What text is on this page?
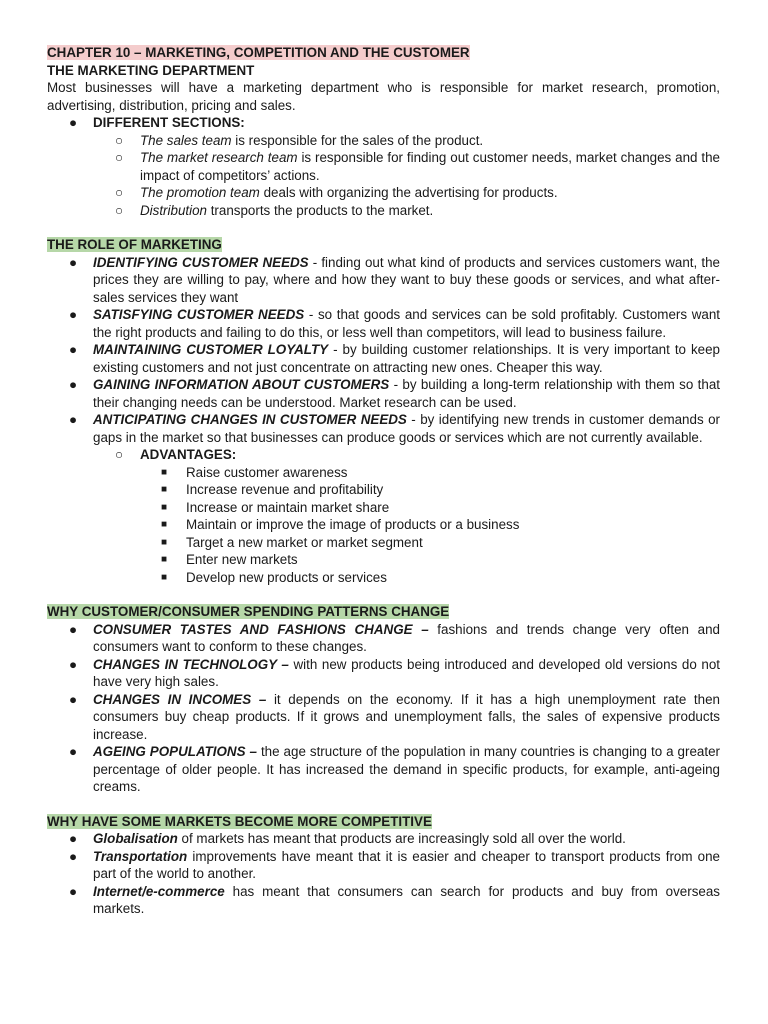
CHAPTER 10 – MARKETING, COMPETITION AND THE CUSTOMER
THE MARKETING DEPARTMENT

Most businesses will have a marketing department who is responsible for market research, promotion, advertising, distribution, pricing and sales.

● DIFFERENT SECTIONS:
○ The sales team is responsible for the sales of the product.
○ The market research team is responsible for finding out customer needs, market changes and the impact of competitors’ actions.
○ The promotion team deals with organizing the advertising for products.
○ Distribution transports the products to the market.
THE ROLE OF MARKETING
● IDENTIFYING CUSTOMER NEEDS - finding out what kind of products and services customers want, the prices they are willing to pay, where and how they want to buy these goods or services, and what after-sales services they want
● SATISFYING CUSTOMER NEEDS - so that goods and services can be sold profitably. Customers want the right products and failing to do this, or less well than competitors, will lead to business failure.
● MAINTAINING CUSTOMER LOYALTY - by building customer relationships. It is very important to keep existing customers and not just concentrate on attracting new ones. Cheaper this way.
● GAINING INFORMATION ABOUT CUSTOMERS - by building a long-term relationship with them so that their changing needs can be understood. Market research can be used.
● ANTICIPATING CHANGES IN CUSTOMER NEEDS - by identifying new trends in customer demands or gaps in the market so that businesses can produce goods or services which are not currently available.
○ ADVANTAGES:
■ Raise customer awareness
■ Increase revenue and profitability
■ Increase or maintain market share
■ Maintain or improve the image of products or a business
■ Target a new market or market segment
■ Enter new markets
■ Develop new products or services
WHY CUSTOMER/CONSUMER SPENDING PATTERNS CHANGE
● CONSUMER TASTES AND FASHIONS CHANGE – fashions and trends change very often and consumers want to conform to these changes.
● CHANGES IN TECHNOLOGY – with new products being introduced and developed old versions do not have very high sales.
● CHANGES IN INCOMES – it depends on the economy. If it has a high unemployment rate then consumers buy cheap products. If it grows and unemployment falls, the sales of expensive products increase.
● AGEING POPULATIONS – the age structure of the population in many countries is changing to a greater percentage of older people. It has increased the demand in specific products, for example, anti-ageing creams.
WHY HAVE SOME MARKETS BECOME MORE COMPETITIVE
● Globalisation of markets has meant that products are increasingly sold all over the world.
● Transportation improvements have meant that it is easier and cheaper to transport products from one part of the world to another.
● Internet/e-commerce has meant that consumers can search for products and buy from overseas markets.
